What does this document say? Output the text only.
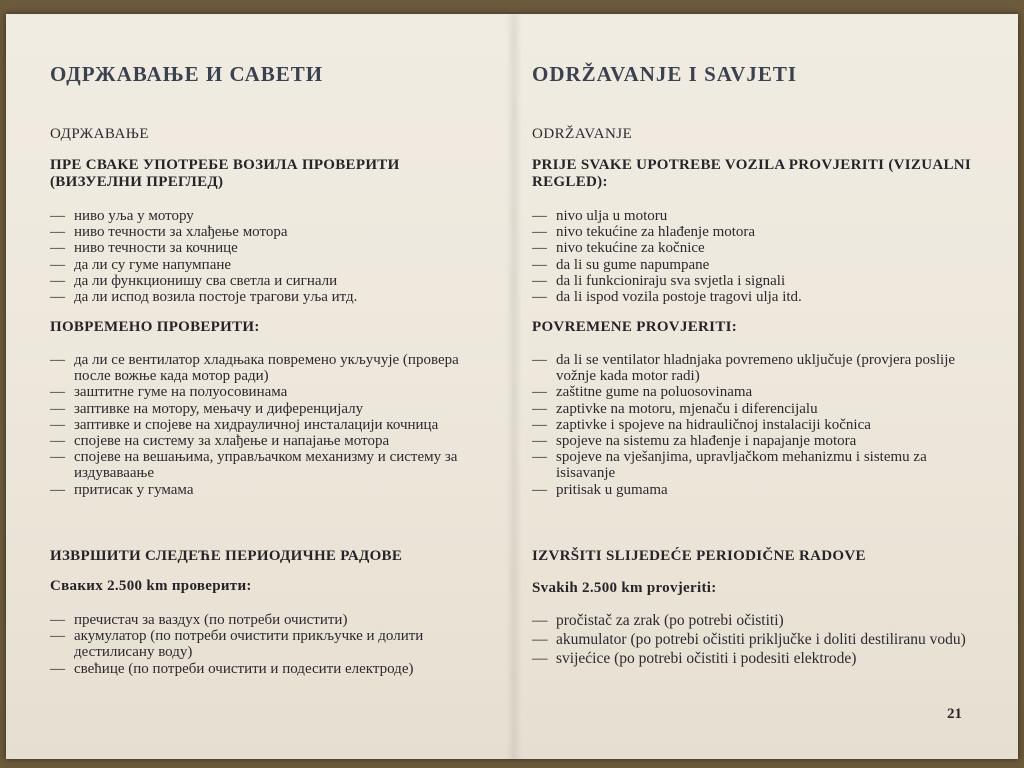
ОДРЖАВАЊЕ И САВЕТИ
ОДРЖАВАЊЕ
ПРЕ СВАКЕ УПОТРЕБЕ ВОЗИЛА ПРОВЕРИТИ (ВИЗУЕЛНИ ПРЕГЛЕД)
— ниво уља у мотору
— ниво течности за хлађење мотора
— ниво течности за кочнице
— да ли су гуме напумпане
— да ли функционишу сва светла и сигнали
— да ли испод возила постоје трагови уља итд.
ПОВРЕМЕНО ПРОВЕРИТИ:
— да ли се вентилатор хладњака повремено укључује (провера после вожње када мотор ради)
— заштитне гуме на полуосовинама
— заптивке на мотору, мењачу и диференцијалу
— заптивке и спојеве на хидрауличној инсталацији кочница
— спојеве на систему за хлађење и напајање мотора
— спојеве на вешањима, управљачком механизму и систему за издуваваање
— притисак у гумама
ИЗВРШИТИ СЛЕДЕЋЕ ПЕРИОДИЧНЕ РАДОВЕ
Сваких 2.500 km проверити:
— пречистач за ваздух (по потреби очистити)
— акумулатор (по потреби очистити прикључке и долити дестилисану воду)
— свећице (по потреби очистити и подесити електроде)
ODRŽAVANJE I SAVJETI
ODRŽAVANJE
PRIJE SVAKE UPOTREBE VOZILA PROVJERITI (VIZUALNI REGLED):
— nivo ulja u motoru
— nivo tekućine za hlađenje motora
— nivo tekućine za kočnice
— da li su gume napumpane
— da li funkcioniraju sva svjetla i signali
— da li ispod vozila postoje tragovi ulja itd.
POVREMENE PROVJERITI:
— da li se ventilator hladnjaka povremeno uključuje (provjera poslije vožnje kada motor radi)
— zaštitne gume na poluosovinama
— zaptivke na motoru, mjenaču i diferencijalu
— zaptivke i spojeve na hidrauličnoj instalaciji kočnica
— spojeve na sistemu za hlađenje i napajanje motora
— spojeve na vješanjima, upravljačkom mehanizmu i sistemu za isisavanje
— pritisak u gumama
IZVRŠITI SLIJEDEĆE PERIODIČNE RADOVE
Svakih 2.500 km provjeriti:
— pročistač za zrak (po potrebi očistiti)
— akumulator (po potrebi očistiti priključke i doliti destiliranu vodu)
— svijećice (po potrebi očistiti i podesiti elektrode)
21
